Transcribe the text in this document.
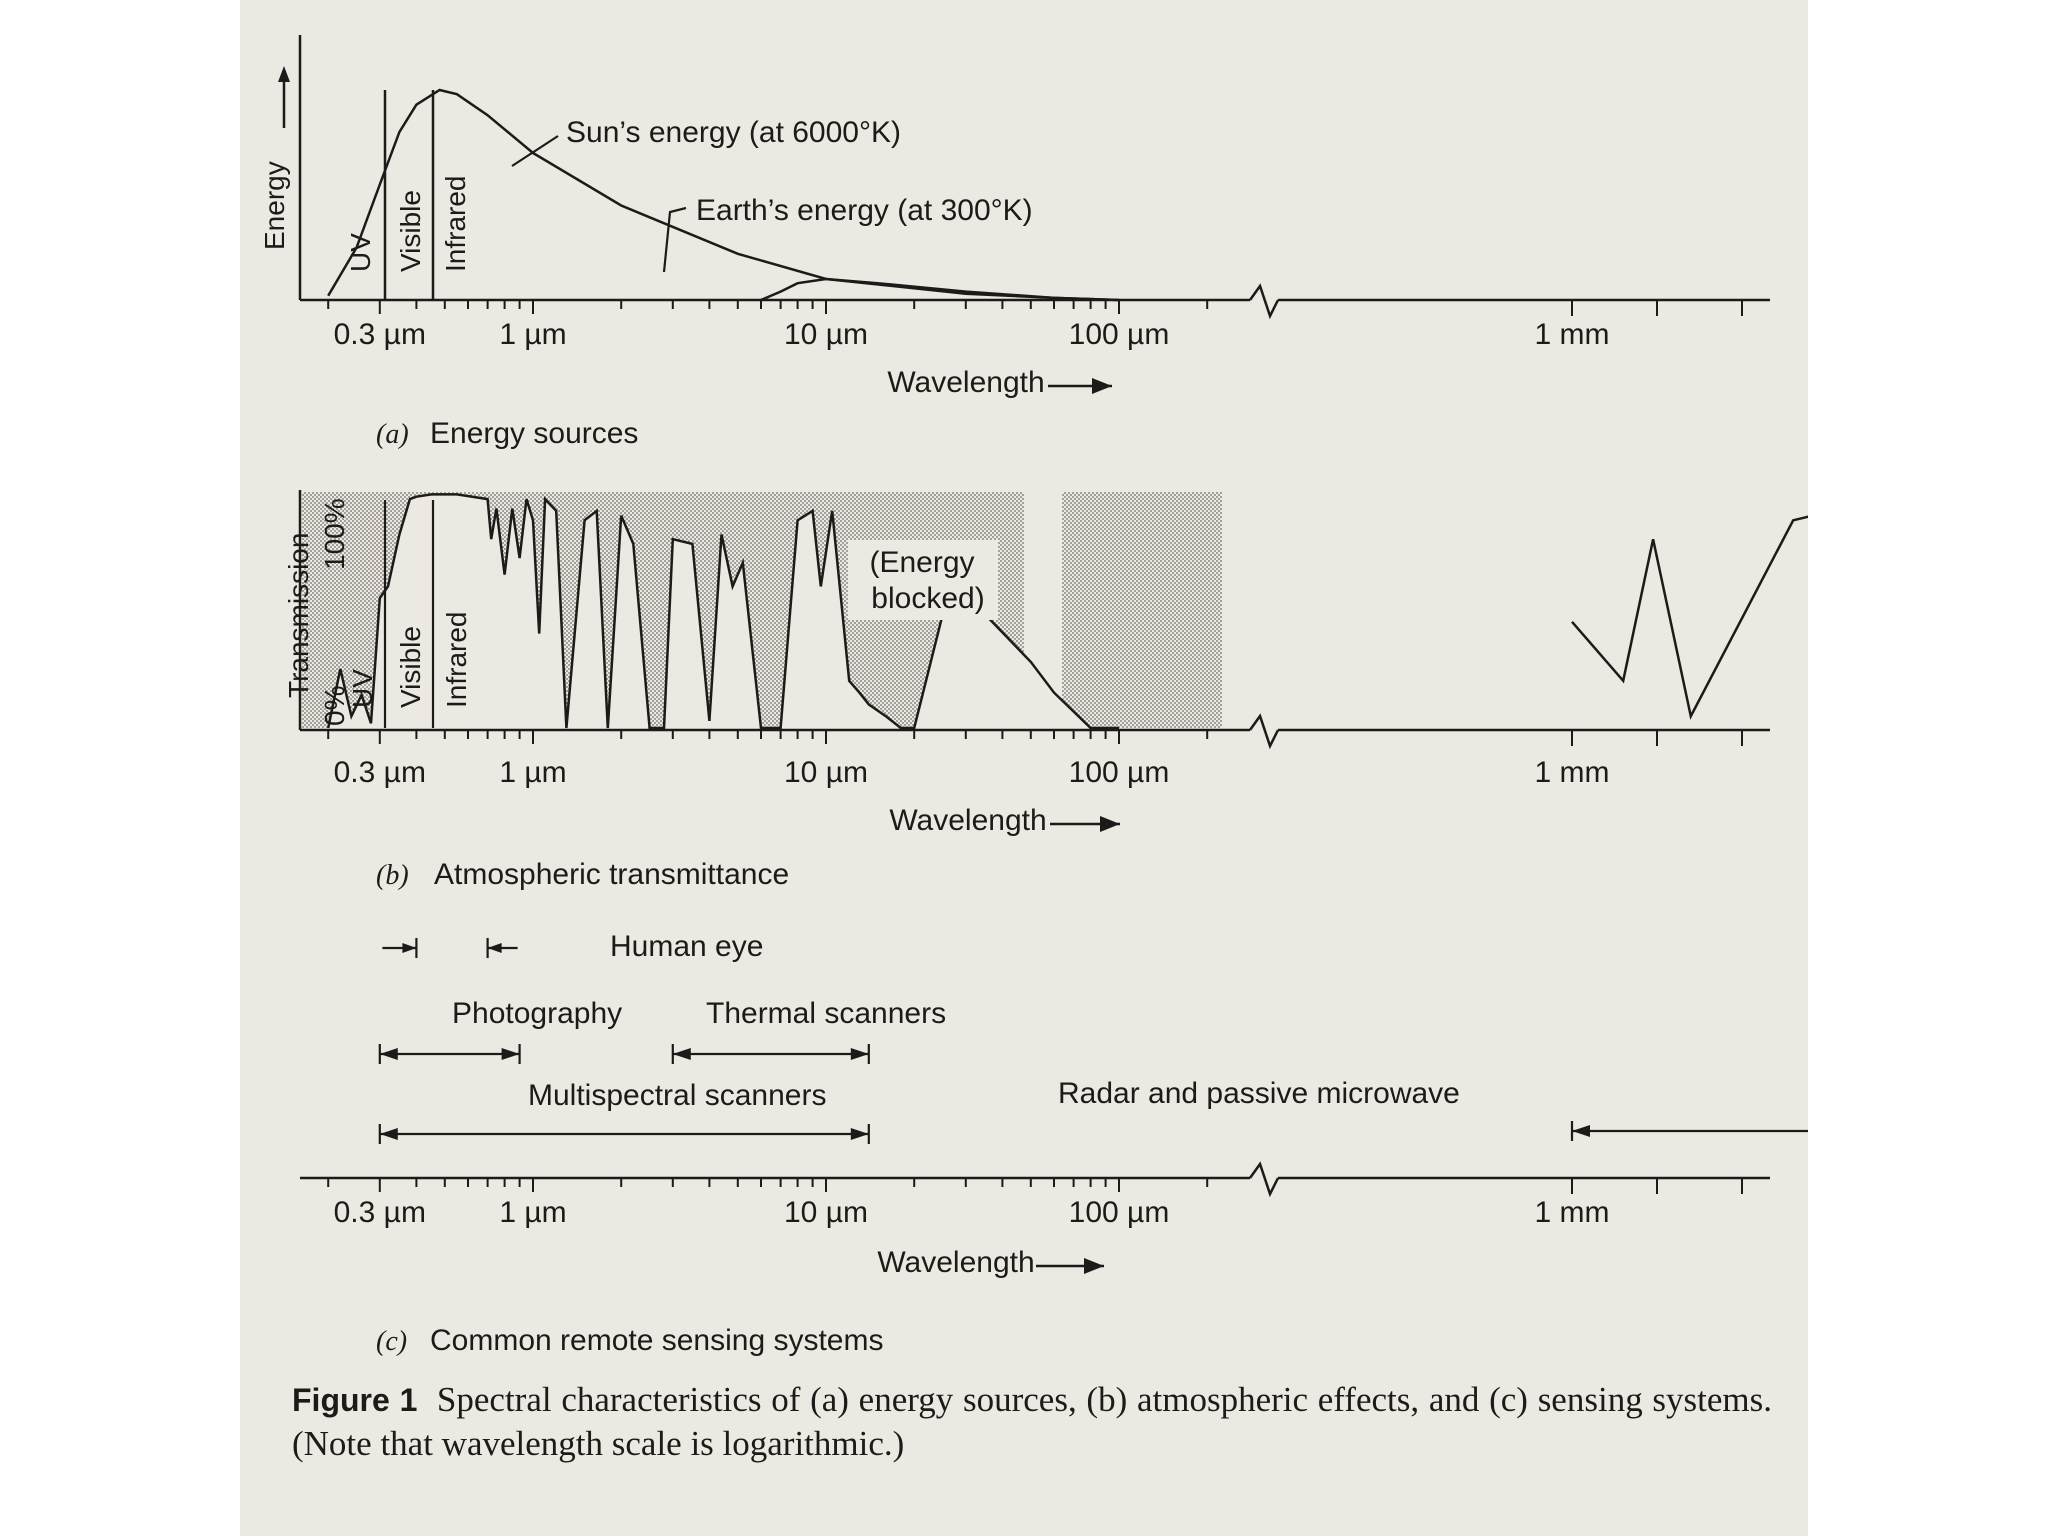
Energy
UV Visible Infrared
Sun’s energy (at 6000°K)
Earth’s energy (at 300°K)
0.3 µm 1 µm	10 µm	100 µm	1 mm
Wavelength
(a) Energy sources
Transmission 100%
0%
UV Visible Infrared
(Energy
blocked)
0.3 µm 1 µm	10 µm	100 µm	1 mm
Wavelength
(b) Atmospheric transmittance
Human eye
Photography	Thermal scanners
Multispectral scanners	Radar and passive microwave
0.3 µm 1 µm	10 µm	100 µm	1 mm
Wavelength
(c) Common remote sensing systems
Figure 1 Spectral characteristics of (a) energy sources, (b) atmospheric effects, and (c) sensing systems. (Note that wavelength scale is logarithmic.)
